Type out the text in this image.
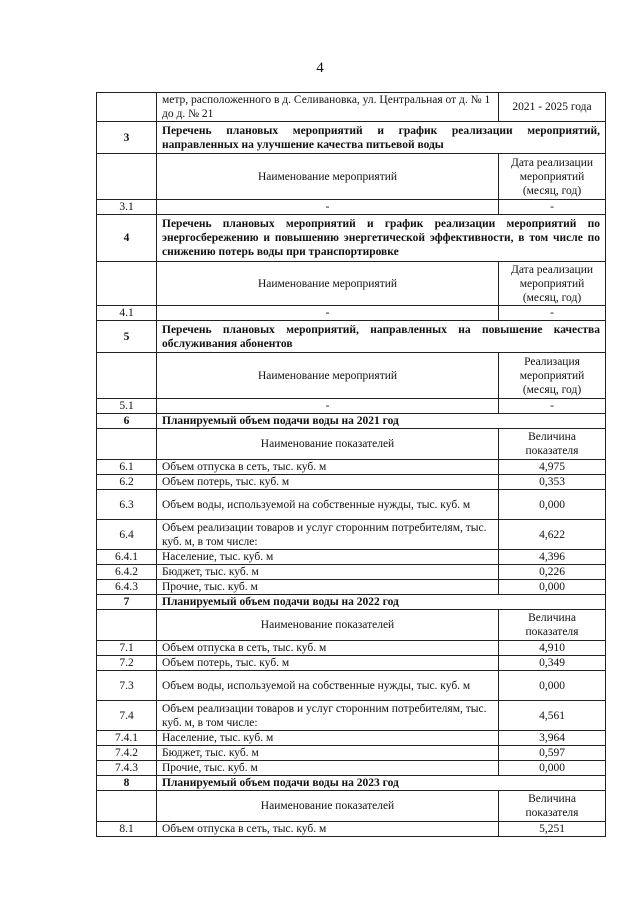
4
	метр, расположенного в д. Селивановка, ул. Центральная от д. № 1 до д. № 21	2021 - 2025 года
3	Перечень плановых мероприятий и график реализации мероприятий, направленных на улучшение качества питьевой воды	
	Наименование мероприятий	Дата реализации мероприятий (месяц, год)
3.1	-	-
4	Перечень плановых мероприятий и график реализации мероприятий по энергосбережению и повышению энергетической эффективности, в том числе по снижению потерь воды при транспортировке	
	Наименование мероприятий	Дата реализации мероприятий (месяц, год)
4.1	-	-
5	Перечень плановых мероприятий, направленных на повышение качества обслуживания абонентов	
	Наименование мероприятий	Реализация мероприятий (месяц, год)
5.1	-	-
6	Планируемый объем подачи воды на 2021 год	
	Наименование показателей	Величина показателя
6.1	Объем отпуска в сеть, тыс. куб. м	4,975
6.2	Объем потерь, тыс. куб. м	0,353
6.3	Объем воды, используемой на собственные нужды, тыс. куб. м	0,000
6.4	Объем реализации товаров и услуг сторонним потребителям, тыс. куб. м, в том числе:	4,622
6.4.1	Население, тыс. куб. м	4,396
6.4.2	Бюджет, тыс. куб. м	0,226
6.4.3	Прочие, тыс. куб. м	0,000
7	Планируемый объем подачи воды на 2022 год	
	Наименование показателей	Величина показателя
7.1	Объем отпуска в сеть, тыс. куб. м	4,910
7.2	Объем потерь, тыс. куб. м	0,349
7.3	Объем воды, используемой на собственные нужды, тыс. куб. м	0,000
7.4	Объем реализации товаров и услуг сторонним потребителям, тыс. куб. м, в том числе:	4,561
7.4.1	Население, тыс. куб. м	3,964
7.4.2	Бюджет, тыс. куб. м	0,597
7.4.3	Прочие, тыс. куб. м	0,000
8	Планируемый объем подачи воды на 2023 год	
	Наименование показателей	Величина показателя
8.1	Объем отпуска в сеть, тыс. куб. м	5,251
